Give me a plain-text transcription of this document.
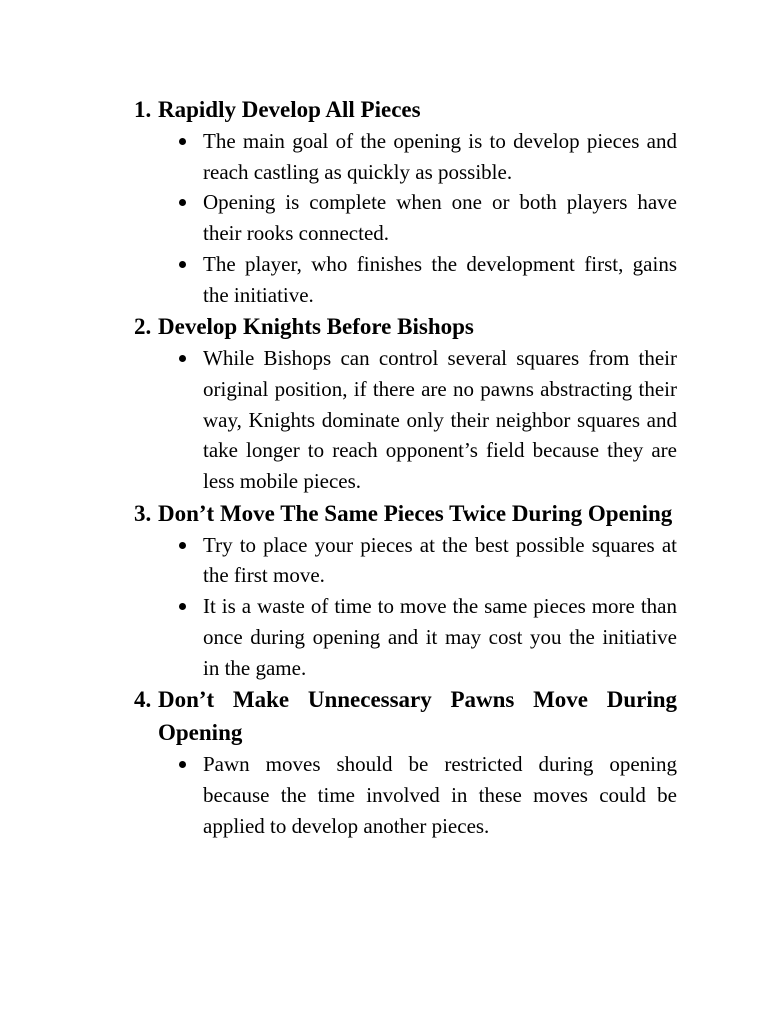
1. Rapidly Develop All Pieces

The main goal of the opening is to develop pieces and reach castling as quickly as possible.
Opening is complete when one or both players have their rooks connected.
The player, who finishes the development first, gains the initiative.
2. Develop Knights Before Bishops

While Bishops can control several squares from their original position, if there are no pawns abstracting their way, Knights dominate only their neighbor squares and take longer to reach opponent’s field because they are less mobile pieces.
3. Don’t Move The Same Pieces Twice During Opening

Try to place your pieces at the best possible squares at the first move.
It is a waste of time to move the same pieces more than once during opening and it may cost you the initiative in the game.
4. Don’t Make Unnecessary Pawns Move During Opening

Pawn moves should be restricted during opening because the time involved in these moves could be applied to develop another pieces.
